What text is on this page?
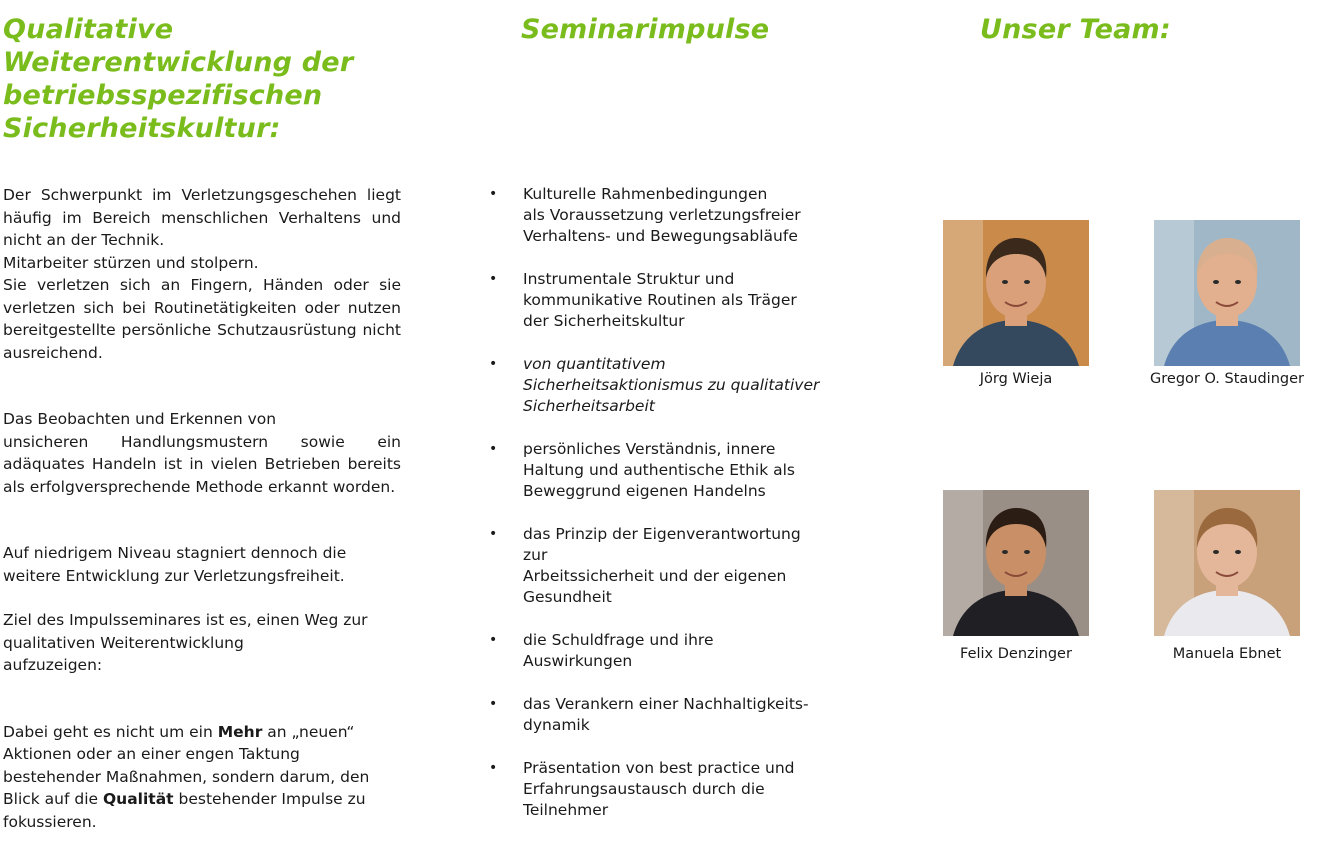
Qualitative Weiterentwicklung der betriebsspezifischen Sicherheitskultur:
Seminarimpulse	Unser Team:

Der Schwerpunkt im Verletzungsgeschehen liegt häufig im Bereich menschlichen Verhaltens und nicht an der Technik.

Mitarbeiter stürzen und stolpern.

Sie verletzen sich an Fingern, Händen oder sie verletzen sich bei Routinetätigkeiten oder nutzen bereitgestellte persönliche Schutzausrüstung nicht ausreichend.

Das Beobachten und Erkennen von

unsicheren Handlungsmustern sowie ein adäquates Handeln ist in vielen Betrieben bereits als erfolgversprechende Methode erkannt worden.

Auf niedrigem Niveau stagniert dennoch die weitere Entwicklung zur Verletzungsfreiheit.

Ziel des Impulsseminares ist es, einen Weg zur qualitativen Weiterentwicklung

aufzuzeigen:

Dabei geht es nicht um ein Mehr an „neuen“ Aktionen oder an einer engen Taktung bestehender Maßnahmen, sondern darum, den Blick auf die Qualität bestehender Impulse zu fokussieren.

• Kulturelle Rahmenbedingungen
als Voraussetzung verletzungsfreier
Verhaltens- und Bewegungsabläufe
• Instrumentale Struktur und
kommunikative Routinen als Träger
der Sicherheitskultur
• von quantitativem
Sicherheitsaktionismus zu qualitativer
Sicherheitsarbeit
• persönliches Verständnis, innere
Haltung und authentische Ethik als
Beweggrund eigenen Handelns
• das Prinzip der Eigenverantwortung
zur
Arbeitssicherheit und der eigenen
Gesundheit
• die Schuldfrage und ihre
Auswirkungen
• das Verankern einer Nachhaltigkeits-
dynamik
• Präsentation von best practice und
Erfahrungsaustausch durch die
Teilnehmer
Jörg Wieja	Gregor O. Staudinger
Felix Denzinger	Manuela Ebnet
